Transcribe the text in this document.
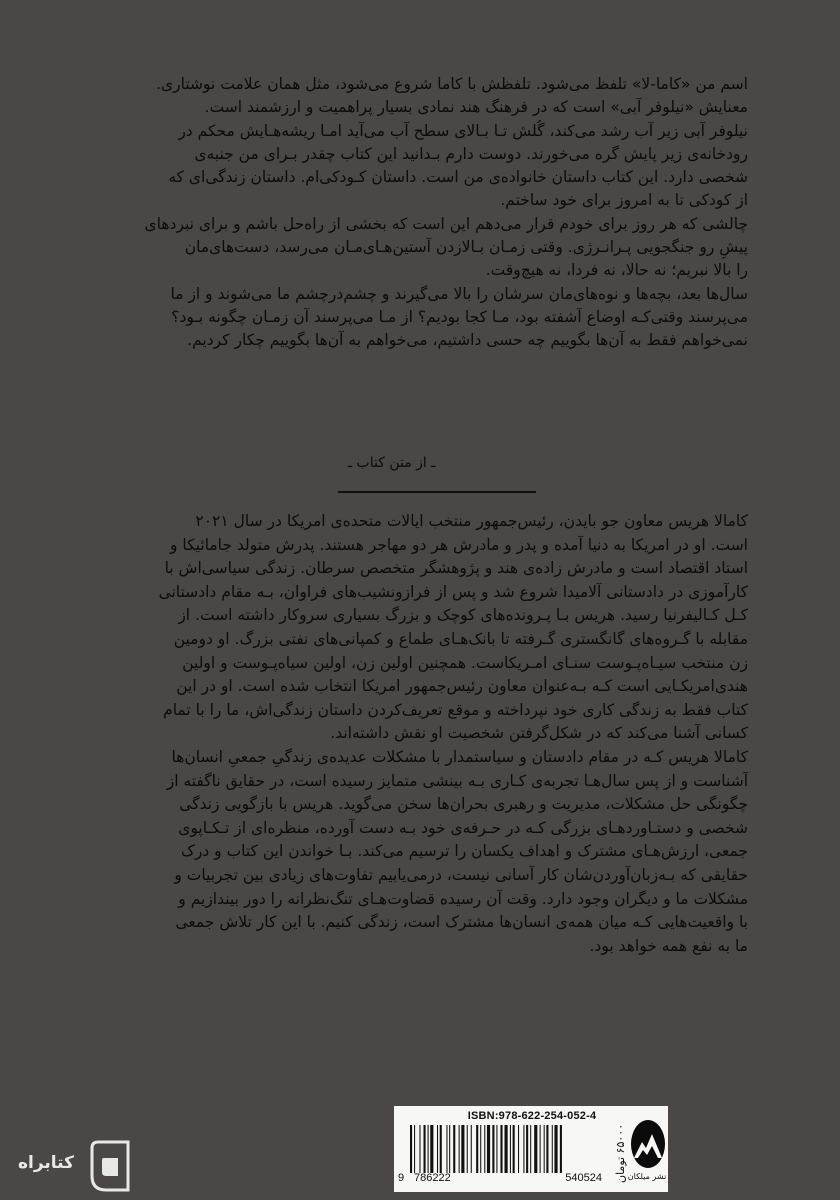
اسم من «کاما-لا» تلفظ می‌شود. تلفظش با کاما شروع می‌شود، مثل همان علامت نوشتاری.
معنایش «نیلوفر آبی» است که در فرهنگ هند نمادی بسیار پراهمیت و ارزشمند است.
نیلوفر آبی زیر آب رشد می‌کند، گُلش تـا بـالای سطح آب می‌آید امـا ریشه‌هـایش محکم در
رودخانه‌ی زیر پایش گره می‌خورند. دوست دارم بـدانید این کتاب چقدر بـرای من جنبه‌ی
شخصی دارد. این کتاب داستان خانواده‌ی من است. داستان کـودکی‌ام. داستان زندگی‌ای که
از کودکی تا به امروز برای خود ساختم.
چالشی که هر روز برای خودم قرار می‌دهم این است که بخشی از راه‌حل باشم و برای نبردهای
پیشِ رو جنگجویی پـرانـرژی. وقتی زمـان بـالازدن آستین‌هـای‌مـان می‌رسد، دست‌های‌مان
را بالا نبریم؛ نه حالا، نه فردا، نه هیچ‌وقت.
سال‌ها بعد، بچه‌ها و نوه‌های‌مان سرشان را بالا می‌گیرند و چشم‌درچشم ما می‌شوند و از ما
می‌پرسند وقتی‌کـه اوضاع آشفته بود، مـا کجا بودیم؟ از مـا می‌پرسند آن زمـان چگونه بـود؟
نمی‌خواهم فقط به آن‌ها بگوییم چه حسی داشتیم، می‌خواهم به آن‌ها بگوییم چکار کردیم.
ـ از متن کتاب ـ
کامالا هریس معاون جو بایدن، رئیس‌جمهور منتخب ایالات متحده‌ی امریکا در سال ۲۰۲۱
است. او در امریکا به دنیا آمده و پدر و مادرش هر دو مهاجر هستند. پدرش متولد جامائیکا و
استاد اقتصاد است و مادرش زاده‌ی هند و پژوهشگر متخصص سرطان. زندگی سیاسی‌اش با
کارآموزی در دادستانی آلامیدا شروع شد و پس از فرازونشیب‌های فراوان، بـه مقام دادستانی
کـل کـالیفرنیا رسید. هریس بـا پـرونده‌های کوچک و بزرگ بسیاری سروکار داشته است. از
مقابله با گـروه‌های گانگستری گـرفته تا بانک‌هـای طماع و کمپانی‌های نفتی بزرگ. او دومین
زن منتخب سیـاه‌پـوست سنـای امـریکاست. همچنین اولین زن، اولین سیاه‌پـوست و اولین
هندی‌امریکـایی است کـه بـه‌عنوان معاون رئیس‌جمهور امریکا انتخاب شده است. او در این
کتاب فقط به زندگی کاری خود نپرداخته و موقع تعریف‌کردن داستان زندگی‌اش، ما را با تمام
کسانی آشنا می‌کند که در شکل‌گرفتن شخصیت او نقش داشته‌اند.
کامالا هریس کـه در مقام دادستان و سیاستمدار با مشکلات عدیده‌ی زندگیِ جمعیِ انسان‌ها
آشناست و از پس سال‌هـا تجربه‌ی کـاری بـه بینشی متمایز رسیده است، در حقایق ناگفته از
چگونگی حل مشکلات، مدیریت و رهبری بحران‌ها سخن می‌گوید. هریس با بازگویی زندگی
شخصی و دستـاوردهـای بزرگی کـه در حـرفه‌ی خود بـه دست آورده، منظره‌ای از تـکـاپوی
جمعی، ارزش‌هـای مشترک و اهداف یکسان را ترسیم می‌کند. بـا خواندن این کتاب و درک
حقایقی که بـه‌زبان‌آوردن‌شان کار آسانی نیست، درمی‌یابیم تفاوت‌های زیادی بین تجربیات و
مشکلات ما و دیگران وجود دارد. وقت آن رسیده قضاوت‌هـای تنگ‌نظرانه را دور بیندازیم و
با واقعیت‌هایی کـه میان همه‌ی انسان‌ها مشترک است، زندگی کنیم. با این کار تلاش جمعی
ما به نفع همه خواهد بود.
ISBN:978-622-254-052-4
9 786222	540524 ۶۵۰۰۰ تومان
نشر میلکان
کتابراه
